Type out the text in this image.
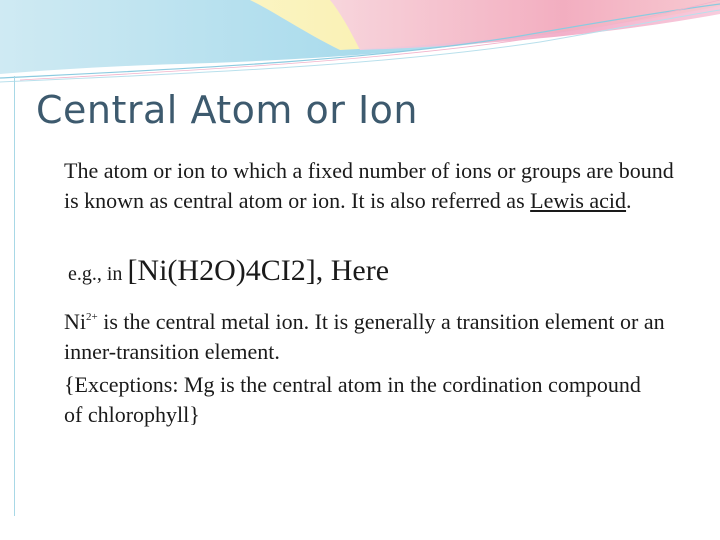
Central Atom or Ion

The atom or ion to which a fixed number of ions or groups are bound is known as central atom or ion. It is also referred as Lewis acid.

e.g., in [Ni(H2O)4CI2], Here

$Ni^{2+}$ is the central metal ion. It is generally a transition element or an inner-transition element.

{Exceptions: Mg is the central atom in the cordination compound of chlorophyll}
